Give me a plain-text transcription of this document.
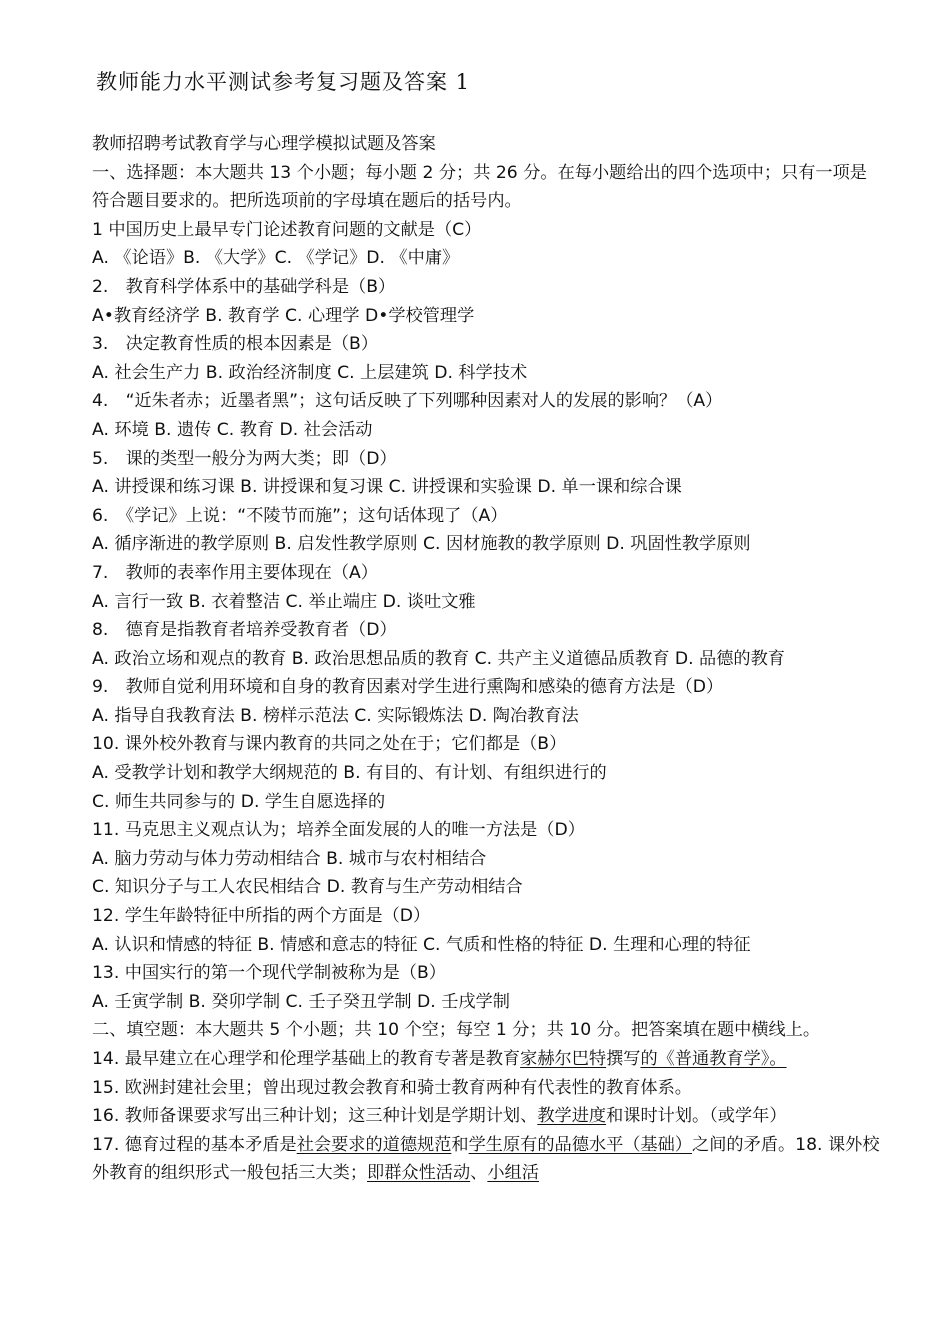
教师能力水平测试参考复习题及答案 1
教师招聘考试教育学与心理学模拟试题及答案
一、选择题：本大题共 13 个小题；每小题 2 分；共 26 分。在每小题给出的四个选项中；只有一项是符合题目要求的。把所选项前的字母填在题后的括号内。
1 中国历史上最早专门论述教育问题的文献是（C）
A. 《论语》B. 《大学》C. 《学记》D. 《中庸》
2.　教育科学体系中的基础学科是（B）
A•教育经济学 B. 教育学 C. 心理学 D•学校管理学
3.　决定教育性质的根本因素是（B）
A. 社会生产力 B. 政治经济制度 C. 上层建筑 D. 科学技术
4.　“近朱者赤；近墨者黑”；这句话反映了下列哪种因素对人的发展的影响？（A）
A. 环境 B. 遗传 C. 教育 D. 社会活动
5.　课的类型一般分为两大类；即（D）
A. 讲授课和练习课 B. 讲授课和复习课 C. 讲授课和实验课 D. 单一课和综合课
6.　《学记》上说：“不陵节而施”；这句话体现了（A）
A. 循序渐进的教学原则 B. 启发性教学原则 C. 因材施教的教学原则 D. 巩固性教学原则
7.　教师的表率作用主要体现在（A）
A. 言行一致 B. 衣着整洁 C. 举止端庄 D. 谈吐文雅
8.　德育是指教育者培养受教育者（D）
A. 政治立场和观点的教育 B. 政治思想品质的教育 C. 共产主义道德品质教育 D. 品德的教育
9.　教师自觉利用环境和自身的教育因素对学生进行熏陶和感染的德育方法是（D）
A. 指导自我教育法 B. 榜样示范法 C. 实际锻炼法 D. 陶冶教育法
10. 课外校外教育与课内教育的共同之处在于；它们都是（B）
A. 受教学计划和教学大纲规范的 B. 有目的、有计划、有组织进行的
C. 师生共同参与的 D. 学生自愿选择的
11. 马克思主义观点认为；培养全面发展的人的唯一方法是（D）
A. 脑力劳动与体力劳动相结合 B. 城市与农村相结合
C. 知识分子与工人农民相结合 D. 教育与生产劳动相结合
12. 学生年龄特征中所指的两个方面是（D）
A. 认识和情感的特征 B. 情感和意志的特征 C. 气质和性格的特征 D. 生理和心理的特征
13. 中国实行的第一个现代学制被称为是（B）
A. 壬寅学制 B. 癸卯学制 C. 壬子癸丑学制 D. 壬戌学制
二、填空题：本大题共 5 个小题；共 10 个空；每空 1 分；共 10 分。把答案填在题中横线上。
14. 最早建立在心理学和伦理学基础上的教育专著是教育家赫尔巴特撰写的《普通教育学》。
15. 欧洲封建社会里；曾出现过教会教育和骑士教育两种有代表性的教育体系。
16. 教师备课要求写出三种计划；这三种计划是学期计划、教学进度和课时计划。（或学年）
17. 德育过程的基本矛盾是社会要求的道德规范和学生原有的品德水平（基础）之间的矛盾。18. 课外校外教育的组织形式一般包括三大类；即群众性活动、小组活
